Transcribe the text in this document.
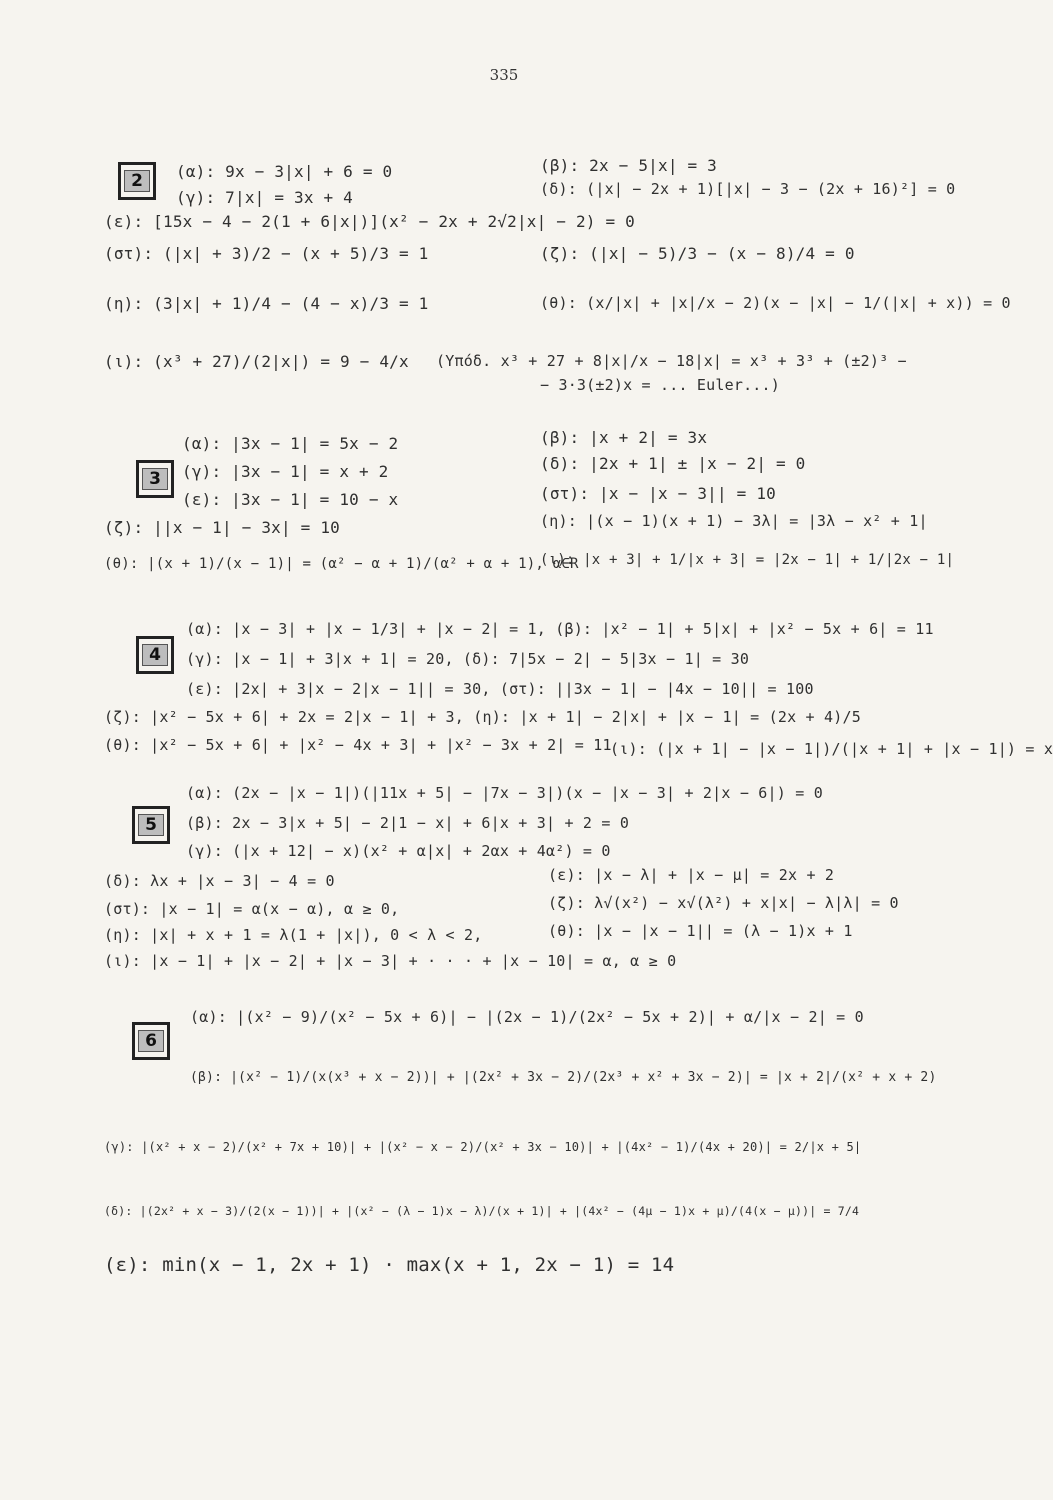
335
2	(α): 9x − 3|x| + 6 = 0	(β): 2x − 5|x| = 3
(γ): 7|x| = 3x + 4	(δ): (|x| − 2x + 1)[|x| − 3 − (2x + 16)²] = 0
(ε): [15x − 4 − 2(1 + 6|x|)](x² − 2x + 2√2|x| − 2) = 0
(στ): (|x| + 3)/2 − (x + 5)/3 = 1	(ζ): (|x| − 5)/3 − (x − 8)/4 = 0
(η): (3|x| + 1)/4 − (4 − x)/3 = 1	(θ): (x/|x| + |x|/x − 2)(x − |x| − 1/(|x| + x)) = 0
(ι): (x³ + 27)/(2|x|) = 9 − 4/x (Υπόδ. x³ + 27 + 8|x|/x − 18|x| = x³ + 3³ + (±2)³ −
− 3·3(±2)x = ... Euler...)
3
(α): |3x − 1| = 5x − 2	(β): |x + 2| = 3x
(γ): |3x − 1| = x + 2	(δ): |2x + 1| ± |x − 2| = 0
(ε): |3x − 1| = 10 − x	(στ): |x − |x − 3|| = 10
(ζ): ||x − 1| − 3x| = 10	(η): |(x − 1)(x + 1) − 3λ| = |3λ − x² + 1|
(θ): |(x + 1)/(x − 1)| = (α² − α + 1)/(α² + α + 1), α∈R
(ι): |x + 3| + 1/|x + 3| = |2x − 1| + 1/|2x − 1|
4
(α): |x − 3| + |x − 1/3| + |x − 2| = 1, (β): |x² − 1| + 5|x| + |x² − 5x + 6| = 11
(γ): |x − 1| + 3|x + 1| = 20, (δ): 7|5x − 2| − 5|3x − 1| = 30
(ε): |2x| + 3|x − 2|x − 1|| = 30, (στ): ||3x − 1| − |4x − 10|| = 100
(ζ): |x² − 5x + 6| + 2x = 2|x − 1| + 3, (η): |x + 1| − 2|x| + |x − 1| = (2x + 4)/5
(θ): |x² − 5x + 6| + |x² − 4x + 3| + |x² − 3x + 2| = 11
(ι): (|x + 1| − |x − 1|)/(|x + 1| + |x − 1|) = x
5
(α): (2x − |x − 1|)(|11x + 5| − |7x − 3|)(x − |x − 3| + 2|x − 6|) = 0
(β): 2x − 3|x + 5| − 2|1 − x| + 6|x + 3| + 2 = 0
(γ): (|x + 12| − x)(x² + α|x| + 2αx + 4α²) = 0
(δ): λx + |x − 3| − 4 = 0	(ε): |x − λ| + |x − μ| = 2x + 2
(στ): |x − 1| = α(x − α), α ≥ 0,	(ζ): λ√(x²) − x√(λ²) + x|x| − λ|λ| = 0
(η): |x| + x + 1 = λ(1 + |x|), 0 < λ < 2,	(θ): |x − |x − 1|| = (λ − 1)x + 1
(ι): |x − 1| + |x − 2| + |x − 3| + · · · + |x − 10| = α, α ≥ 0
6
(α): |(x² − 9)/(x² − 5x + 6)| − |(2x − 1)/(2x² − 5x + 2)| + α/|x − 2| = 0
(β): |(x² − 1)/(x(x³ + x − 2))| + |(2x² + 3x − 2)/(2x³ + x² + 3x − 2)| = |x + 2|/(x² + x + 2)
(γ): |(x² + x − 2)/(x² + 7x + 10)| + |(x² − x − 2)/(x² + 3x − 10)| + |(4x² − 1)/(4x + 20)| = 2/|x + 5|
(δ): |(2x² + x − 3)/(2(x − 1))| + |(x² − (λ − 1)x − λ)/(x + 1)| + |(4x² − (4μ − 1)x + μ)/(4(x − μ))| = 7/4
(ε): min(x − 1, 2x + 1) · max(x + 1, 2x − 1) = 14
